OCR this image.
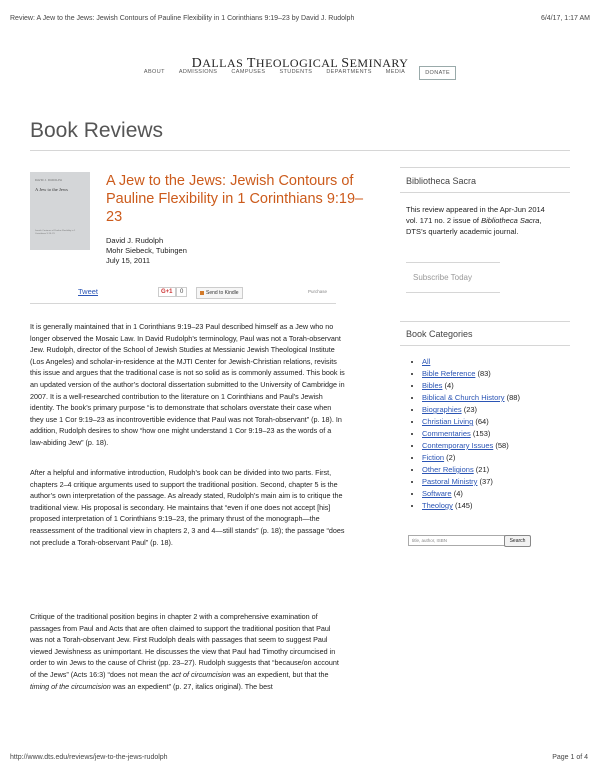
Review: A Jew to the Jews: Jewish Contours of Pauline Flexibility in 1 Corinthians 9:19–23 by David J. Rudolph	6/4/17, 1:17 AM
DALLAS THEOLOGICAL SEMINARY
ABOUT	ADMISSIONS	CAMPUSES	STUDENTS	DEPARTMENTS	MEDIA	DONATE
Book Reviews
DAVID J. RUDOLPH
A Jew to the Jews
Jewish Contours of Pauline Flexibility in 1 Corinthians 9:19–23
A Jew to the Jews: Jewish Contours of Pauline Flexibility in 1 Corinthians 9:19–23
David J. Rudolph
Mohr Siebeck, Tubingen
July 15, 2011
Tweet	G+1	0	Send to Kindle	Purchase

It is generally maintained that in 1 Corinthians 9:19–23 Paul described himself as a Jew who no longer observed the Mosaic Law. In David Rudolph’s terminology, Paul was not a Torah-observant Jew. Rudolph, director of the School of Jewish Studies at Messianic Jewish Theological Institute (Los Angeles) and scholar-in-residence at the MJTI Center for Jewish-Christian relations, revisits this issue and argues that the traditional case is not so solid as is commonly assumed. This book is an updated version of the author’s doctoral dissertation submitted to the University of Cambridge in 2007. It is a well-researched contribution to the literature on 1 Corinthians and Paul’s Jewish identity. The book’s primary purpose “is to demonstrate that scholars overstate their case when they use 1 Cor 9:19–23 as incontrovertible evidence that Paul was not Torah-observant” (p. 18). In addition, Rudolph desires to show “how one might understand 1 Cor 9:19–23 as the words of a law-abiding Jew” (p. 18).

After a helpful and informative introduction, Rudolph’s book can be divided into two parts. First, chapters 2–4 critique arguments used to support the traditional position. Second, chapter 5 is the author’s own interpretation of the passage. As already stated, Rudolph’s main aim is to critique the traditional view. His proposal is secondary. He maintains that “even if one does not accept [his] proposed interpretation of 1 Corinthians 9:19–23, the primary thrust of the monograph—the reassessment of the traditional view in chapters 2, 3 and 4—still stands” (p. 18); the passage “does not preclude a Torah-observant Paul” (p. 18).

Critique of the traditional position begins in chapter 2 with a comprehensive examination of passages from Paul and Acts that are often claimed to support the traditional position that Paul was not a Torah-observant Jew. First Rudolph deals with passages that seem to suggest Paul viewed Jewishness as unimportant. He discusses the view that Paul had Timothy circumcised in order to win Jews to the cause of Christ (pp. 23–27). Rudolph suggests that “because/on account of the Jews” (Acts 16:3) “does not mean the act of circumcision was an expedient, but that the timing of the circumcision was an expedient” (p. 27, italics original). The best

Bibliotheca Sacra
This review appeared in the Apr-Jun 2014 vol. 171 no. 2 issue of Bibliotheca Sacra, DTS’s quarterly academic journal.
Subscribe Today
Book Categories
• All
• Bible Reference (83)
• Bibles (4)
• Biblical & Church History (88)
• Biographies (23)
• Christian Living (64)
• Commentaries (153)
• Contemporary Issues (58)
• Fiction (2)
• Other Religions (21)
• Pastoral Ministry (37)
• Software (4)
• Theology (145)
title, author, ISBN	Search
http://www.dts.edu/reviews/jew-to-the-jews-rudolph	Page 1 of 4
